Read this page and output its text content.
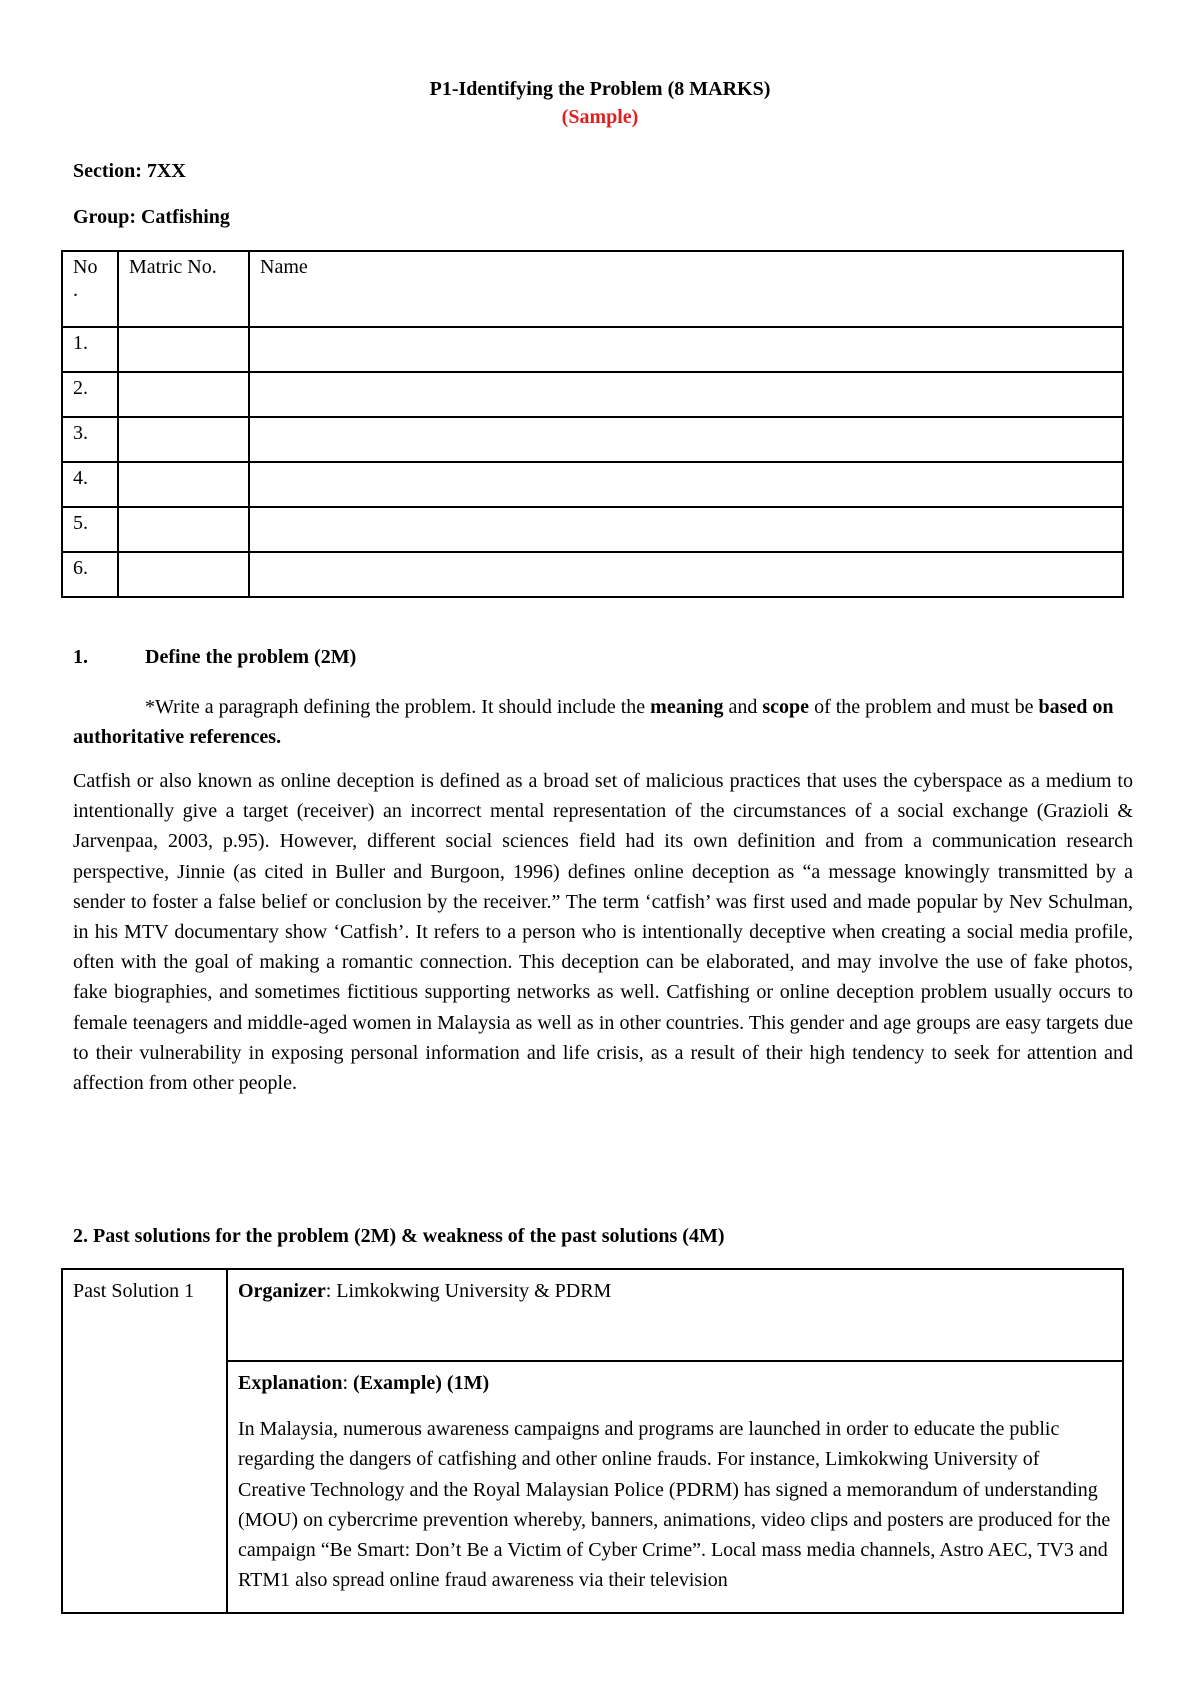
P1-Identifying the Problem (8 MARKS)
(Sample)
Section: 7XX
Group: Catfishing
No .	Matric No.	Name
1.		
2.		
3.		
4.		
5.		
6.		
1.	Define the problem (2M)
*Write a paragraph defining the problem. It should include the meaning and scope of the problem and must be based on authoritative references.
Catfish or also known as online deception is defined as a broad set of malicious practices that uses the cyberspace as a medium to intentionally give a target (receiver) an incorrect mental representation of the circumstances of a social exchange (Grazioli & Jarvenpaa, 2003, p.95). However, different social sciences field had its own definition and from a communication research perspective, Jinnie (as cited in Buller and Burgoon, 1996) defines online deception as “a message knowingly transmitted by a sender to foster a false belief or conclusion by the receiver.” The term ‘catfish’ was first used and made popular by Nev Schulman, in his MTV documentary show ‘Catfish’. It refers to a person who is intentionally deceptive when creating a social media profile, often with the goal of making a romantic connection. This deception can be elaborated, and may involve the use of fake photos, fake biographies, and sometimes fictitious supporting networks as well. Catfishing or online deception problem usually occurs to female teenagers and middle-aged women in Malaysia as well as in other countries. This gender and age groups are easy targets due to their vulnerability in exposing personal information and life crisis, as a result of their high tendency to seek for attention and affection from other people.
2. Past solutions for the problem (2M) & weakness of the past solutions (4M)
Past Solution 1	Organizer: Limkokwing University & PDRM

Explanation: (Example) (1M)
In Malaysia, numerous awareness campaigns and programs are launched in order to educate the public regarding the dangers of catfishing and other online frauds. For instance, Limkokwing University of Creative Technology and the Royal Malaysian Police (PDRM) has signed a memorandum of understanding (MOU) on cybercrime prevention whereby, banners, animations, video clips and posters are produced for the campaign “Be Smart: Don’t Be a Victim of Cyber Crime”. Local mass media channels, Astro AEC, TV3 and RTM1 also spread online fraud awareness via their television
